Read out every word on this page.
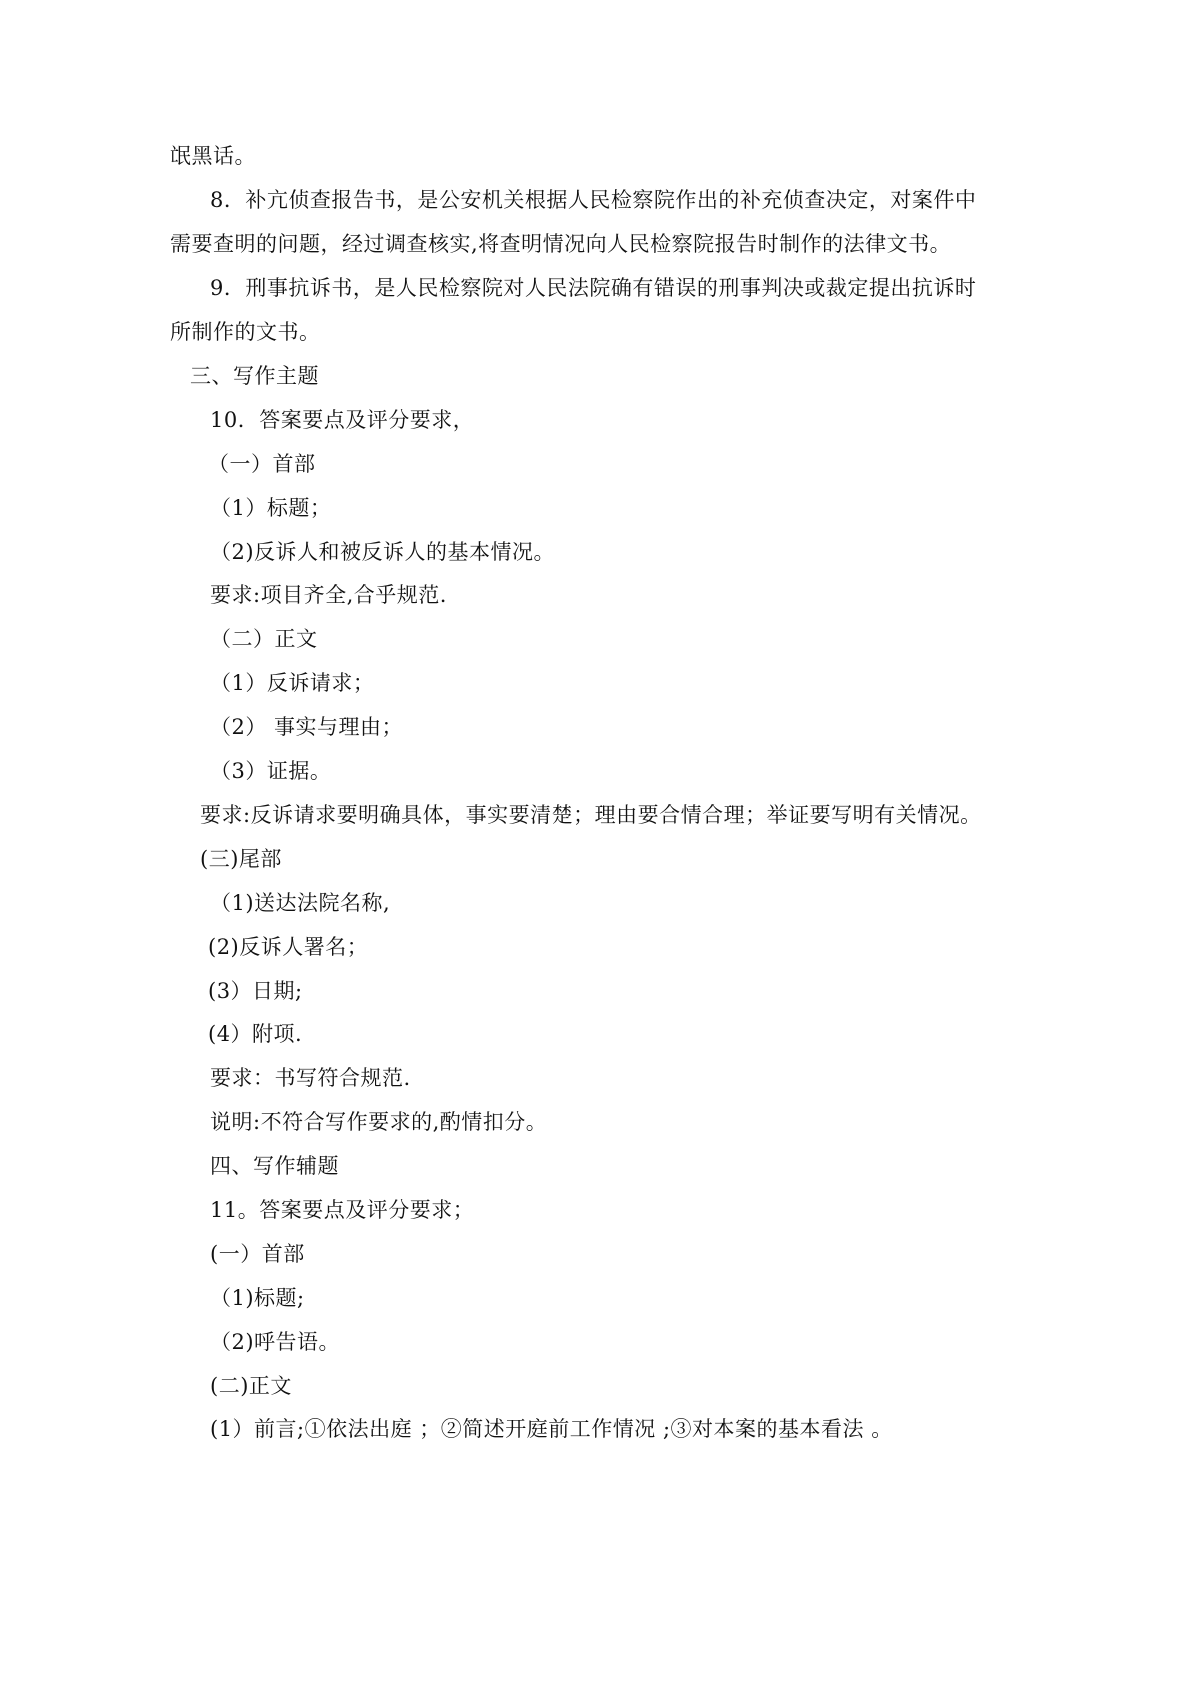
氓黑话。
8．补亢侦查报告书，是公安机关根据人民检察院作出的补充侦查决定，对案件中
需要查明的问题，经过调查核实,将查明情况向人民检察院报告时制作的法律文书。
9．刑事抗诉书，是人民检察院对人民法院确有错误的刑事判决或裁定提出抗诉时
所制作的文书。
三、写作主题
10．答案要点及评分要求，
（一）首部
（1）标题；
（2)反诉人和被反诉人的基本情况。
要求:项目齐全,合乎规范.
（二）正文
（1）反诉请求；
（2） 事实与理由；
（3）证据。
要求:反诉请求要明确具体，事实要清楚；理由要合情合理；举证要写明有关情况。
(三)尾部
（1)送达法院名称,
(2)反诉人署名；
(3）日期;
(4）附项.
要求：书写符合规范.
说明:不符合写作要求的,酌情扣分。
四、写作辅题
11。答案要点及评分要求；
(一）首部
（1)标题;
（2)呼告语。
(二)正文
(1）前言;①依法出庭 ；②简述开庭前工作情况 ;③对本案的基本看法 。
